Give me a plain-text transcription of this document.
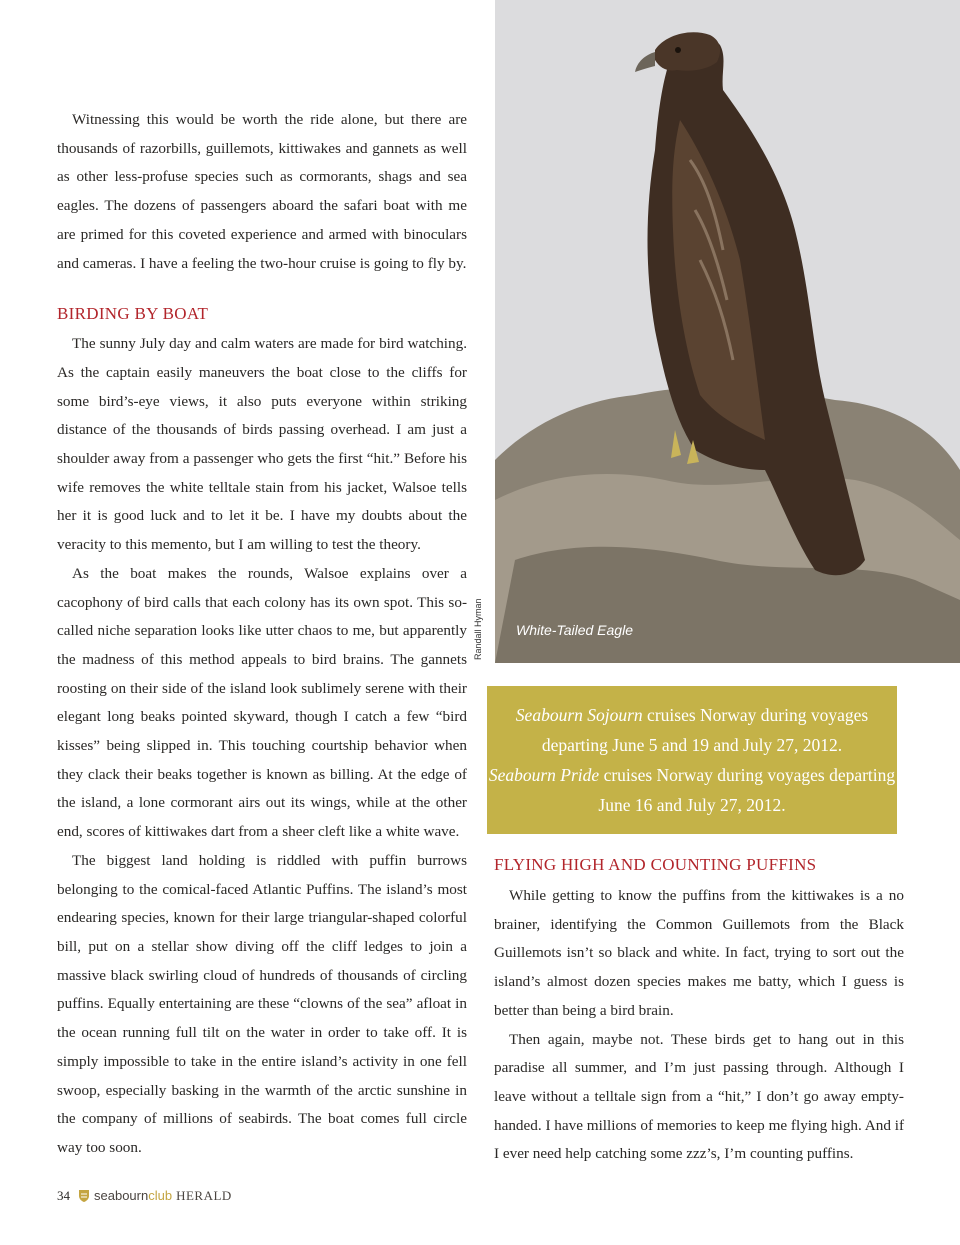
Witnessing this would be worth the ride alone, but there are thousands of razorbills, guillemots, kittiwakes and gannets as well as other less-profuse species such as cormorants, shags and sea eagles. The dozens of passengers aboard the safari boat with me are primed for this coveted experience and armed with binoculars and cameras. I have a feeling the two-hour cruise is going to fly by.

BIRDING BY BOAT

The sunny July day and calm waters are made for bird watching. As the captain easily maneuvers the boat close to the cliffs for some bird’s-eye views, it also puts everyone within striking distance of the thousands of birds passing overhead. I am just a shoulder away from a passenger who gets the first “hit.” Before his wife removes the white telltale stain from his jacket, Walsoe tells her it is good luck and to let it be. I have my doubts about the veracity to this memento, but I am willing to test the theory.

As the boat makes the rounds, Walsoe explains over a cacophony of bird calls that each colony has its own spot. This so-called niche separation looks like utter chaos to me, but apparently the madness of this method appeals to bird brains. The gannets roosting on their side of the island look sublimely serene with their elegant long beaks pointed skyward, though I catch a few “bird kisses” being slipped in. This touching courtship behavior when they clack their beaks together is known as billing. At the edge of the island, a lone cormorant airs out its wings, while at the other end, scores of kittiwakes dart from a sheer cleft like a white wave.

The biggest land holding is riddled with puffin burrows belonging to the comical-faced Atlantic Puffins. The island’s most endearing species, known for their large triangular-shaped colorful bill, put on a stellar show diving off the cliff ledges to join a massive black swirling cloud of hundreds of thousands of circling puffins. Equally entertaining are these “clowns of the sea” afloat in the ocean running full tilt on the water in order to take off. It is simply impossible to take in the entire island’s activity in one fell swoop, especially basking in the warmth of the arctic sunshine in the company of millions of seabirds. The boat comes full circle way too soon.

Randall Hyman White-Tailed Eagle
Seabourn Sojourn cruises Norway during voyages departing June 5 and 19 and July 27, 2012.
Seabourn Pride cruises Norway during voyages departing June 16 and July 27, 2012.
FLYING HIGH AND COUNTING PUFFINS

While getting to know the puffins from the kittiwakes is a no brainer, identifying the Common Guillemots from the Black Guillemots isn’t so black and white. In fact, trying to sort out the island’s almost dozen species makes me batty, which I guess is better than being a bird brain.

Then again, maybe not. These birds get to hang out in this paradise all summer, and I’m just passing through. Although I leave without a telltale sign from a “hit,” I don’t go away empty-handed. I have millions of memories to keep me flying high. And if I ever need help catching some zzz’s, I’m counting puffins.

34 seabournclub HERALD
